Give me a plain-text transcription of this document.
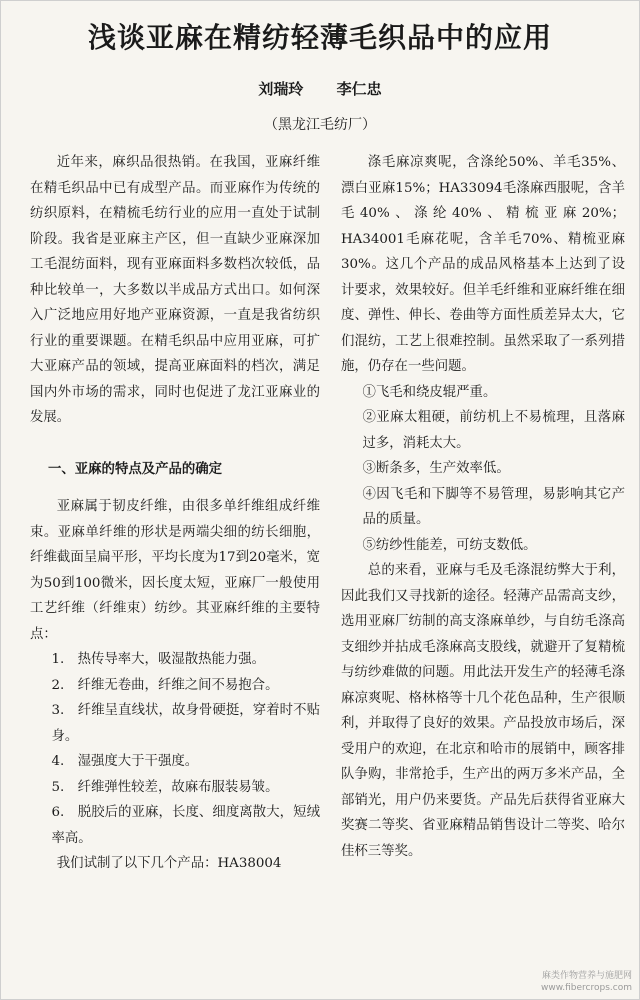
浅谈亚麻在精纺轻薄毛织品中的应用
刘瑞玲 李仁忠
（黑龙江毛纺厂）

近年来，麻织品很热销。在我国，亚麻纤维在精毛织品中已有成型产品。而亚麻作为传统的纺织原料，在精梳毛纺行业的应用一直处于试制阶段。我省是亚麻主产区，但一直缺少亚麻深加工毛混纺面料，现有亚麻面料多数档次较低，品种比较单一，大多数以半成品方式出口。如何深入广泛地应用好地产亚麻资源，一直是我省纺织行业的重要课题。在精毛织品中应用亚麻，可扩大亚麻产品的领域，提高亚麻面料的档次，满足国内外市场的需求，同时也促进了龙江亚麻业的发展。

一、亚麻的特点及产品的确定

亚麻属于韧皮纤维，由很多单纤维组成纤维束。亚麻单纤维的形状是两端尖细的纺长细胞，纤维截面呈扁平形，平均长度为17到20毫米，宽为50到100微米，因长度太短，亚麻厂一般使用工艺纤维（纤维束）纺纱。其亚麻纤维的主要特点：

1.　热传导率大，吸湿散热能力强。

2.　纤维无卷曲，纤维之间不易抱合。

3.　纤维呈直线状，故身骨硬挺，穿着时不贴身。

4.　湿强度大于干强度。

5.　纤维弹性较差，故麻布服装易皱。

6.　脱胶后的亚麻，长度、细度离散大，短绒率高。

我们试制了以下几个产品：HA38004

涤毛麻凉爽呢，含涤纶50%、羊毛35%、漂白亚麻15%；HA33094毛涤麻西服呢，含羊毛40%、涤纶40%、精梳亚麻20%；HA34001毛麻花呢，含羊毛70%、精梳亚麻30%。这几个产品的成品风格基本上达到了设计要求，效果较好。但羊毛纤维和亚麻纤维在细度、弹性、伸长、卷曲等方面性质差异太大，它们混纺，工艺上很难控制。虽然采取了一系列措施，仍存在一些问题。

①飞毛和绕皮辊严重。

②亚麻太粗硬，前纺机上不易梳理，且落麻过多，消耗太大。

③断条多，生产效率低。

④因飞毛和下脚等不易管理，易影响其它产品的质量。

⑤纺纱性能差，可纺支数低。

总的来看，亚麻与毛及毛涤混纺弊大于利，因此我们又寻找新的途径。轻薄产品需高支纱，选用亚麻厂纺制的高支涤麻单纱，与自纺毛涤高支细纱并拈成毛涤麻高支股线，就避开了复精梳与纺纱难做的问题。用此法开发生产的轻薄毛涤麻凉爽呢、格林格等十几个花色品种，生产很顺利，并取得了良好的效果。产品投放市场后，深受用户的欢迎，在北京和哈市的展销中，顾客排队争购，非常抢手，生产出的两万多米产品，全部销光，用户仍来要货。产品先后获得省亚麻大奖赛二等奖、省亚麻精品销售设计二等奖、哈尔佳杯三等奖。

麻类作物营养与施肥网 www.fibercrops.com
